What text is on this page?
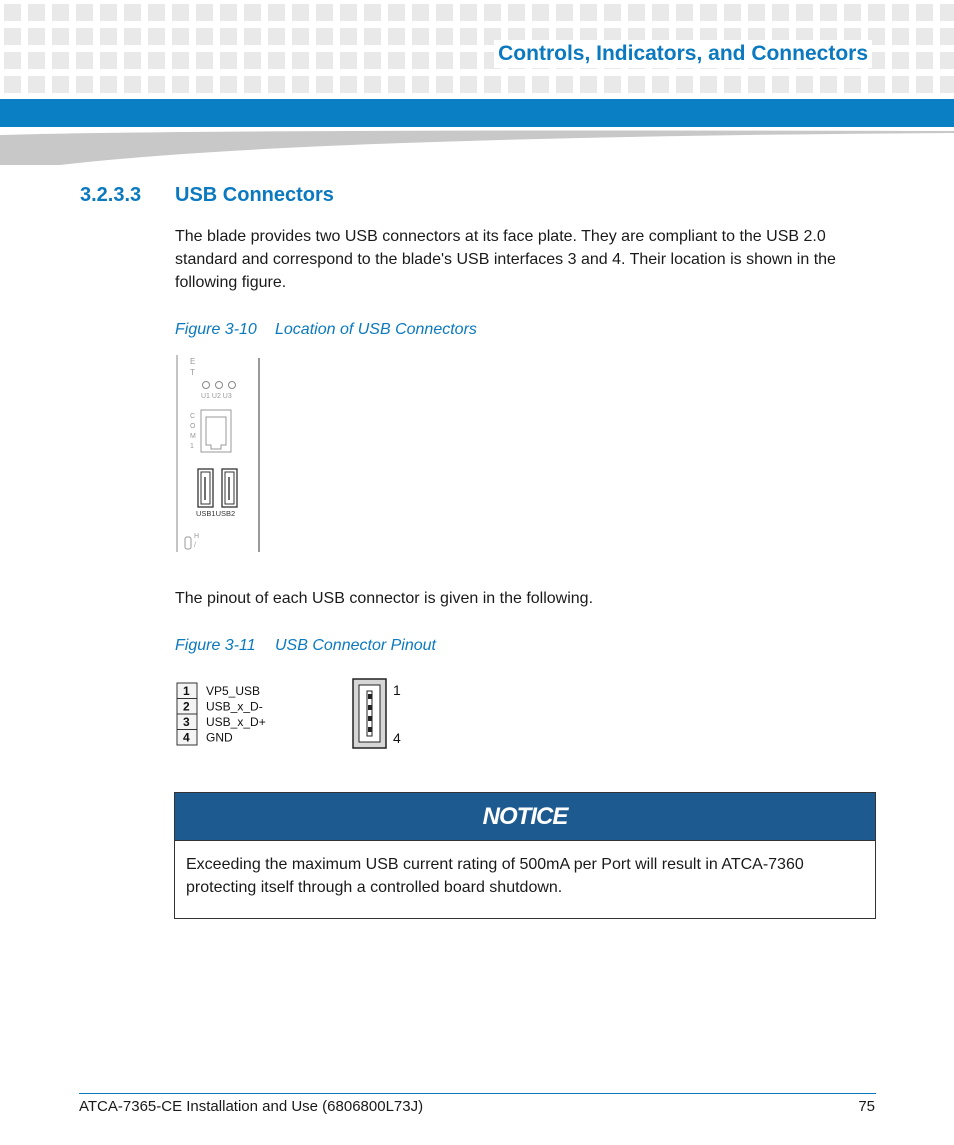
Controls, Indicators, and Connectors
3.2.3.3 USB Connectors

The blade provides two USB connectors at its face plate. They are compliant to the USB 2.0 standard and correspond to the blade's USB interfaces 3 and 4. Their location is shown in the following figure.

Figure 3-10 Location of USB Connectors
E
T
U1 U2 U3
C
O
M
1
USB1USB2
H
/

The pinout of each USB connector is given in the following.

Figure 3-11 USB Connector Pinout
1
2
3
4
VP5_USB
USB_x_D-
USB_x_D+
GND
1
4
NOTICE
Exceeding the maximum USB current rating of 500mA per Port will result in ATCA-7360 protecting itself through a controlled board shutdown.
ATCA-7365-CE Installation and Use (6806800L73J)	75
